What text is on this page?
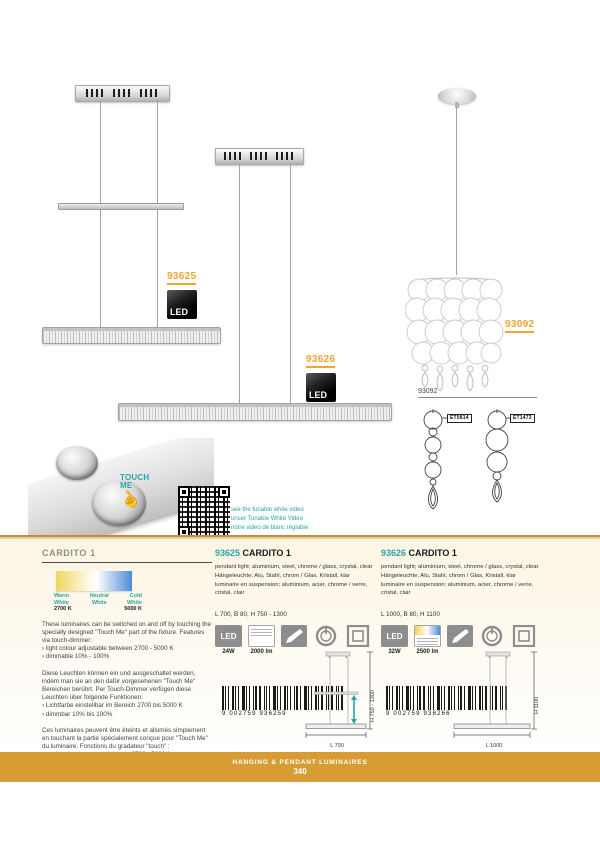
93625
LED
93626
LED
93092
93092
ET0814	ET1473
TOUCH ME
☝	see the tunable white video
unser Tunable White Video
notre video de blanc réglable
CARDITO 1
Warm White
2700 K
Neutral White
Cold White
5000 K
These luminaires can be switched on and off by touching the specially designed "Touch Me" part of the fixture. Features via touch-dimmer:
› light colour adjustable between 2700 - 5000 K
› dimmable 10% - 100%
Diese Leuchten können ein und ausgeschaltet werden, indem man sie an den dafür vorgesehenen "Touch Me" Bereichen berührt. Per Touch-Dimmer verfügen diese Leuchten über folgende Funktionen:
› Lichtfarbe einstellbar im Bereich 2700 bis 5000 K
› dimmbar 10% bis 100%
Ces luminaires peuvent être éteints et allumés simplement en touchant la partie spécialement conçue pour "Touch Me" du luminaire. Fonctions du gradateur "touch" :
93625 CARDITO 1
pendant light; aluminium, steel, chrome / glass, crystal, clear
Hängeleuchte; Alu, Stahl, chrom / Glas, Kristall, klar
luminaire en suspension; aluminium, acier, chrome / verre, cristal, clair
L 700, B 80, H 750 - 1300
LED
24W	2000 lm
93626 CARDITO 1
pendant light; aluminium, steel, chrome / glass, crystal, clear
Hängeleuchte; Alu, Stahl, chrom / Glas, Kristall, klar
luminaire en suspension; aluminium, acier, chrome / verre, cristal, clair
L 1000, B 80, H 1100
LED
32W	2500 lm
9 002759 936259	9 002759 936266
H 750 - 1300
L 700
H 1100
L 1000
HANGING & PENDANT LUMINAIRES
340
